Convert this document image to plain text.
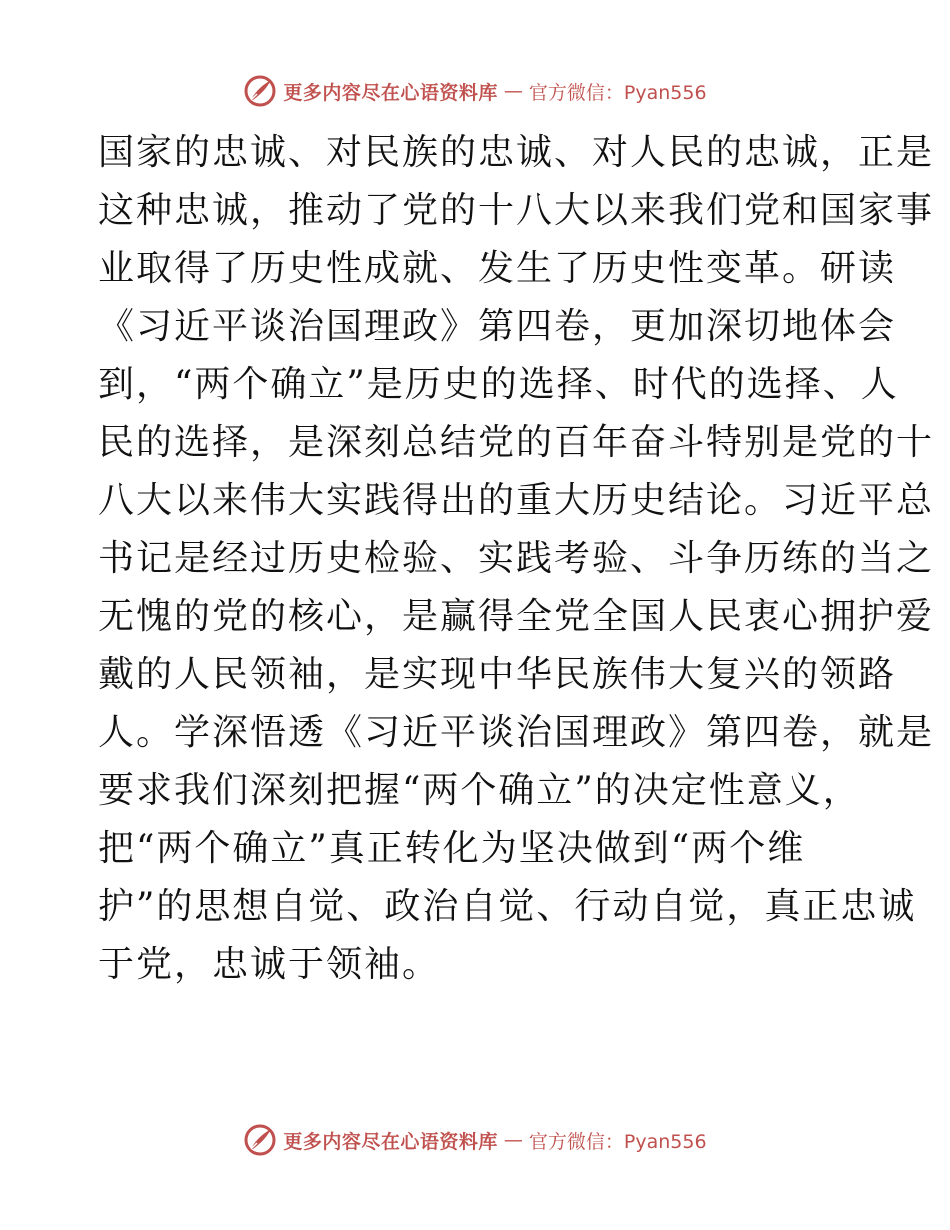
更多内容尽在心语资料库 — 官方微信：Pyan556
国家的忠诚、对民族的忠诚、对人民的忠诚，正是
这种忠诚，推动了党的十八大以来我们党和国家事
业取得了历史性成就、发生了历史性变革。研读
《习近平谈治国理政》第四卷，更加深切地体会
到，“两个确立”是历史的选择、时代的选择、人
民的选择，是深刻总结党的百年奋斗特别是党的十
八大以来伟大实践得出的重大历史结论。习近平总
书记是经过历史检验、实践考验、斗争历练的当之
无愧的党的核心，是赢得全党全国人民衷心拥护爱
戴的人民领袖，是实现中华民族伟大复兴的领路
人。学深悟透《习近平谈治国理政》第四卷，就是
要求我们深刻把握“两个确立”的决定性意义，
把“两个确立”真正转化为坚决做到“两个维
护”的思想自觉、政治自觉、行动自觉，真正忠诚
于党，忠诚于领袖。
更多内容尽在心语资料库 — 官方微信：Pyan556
